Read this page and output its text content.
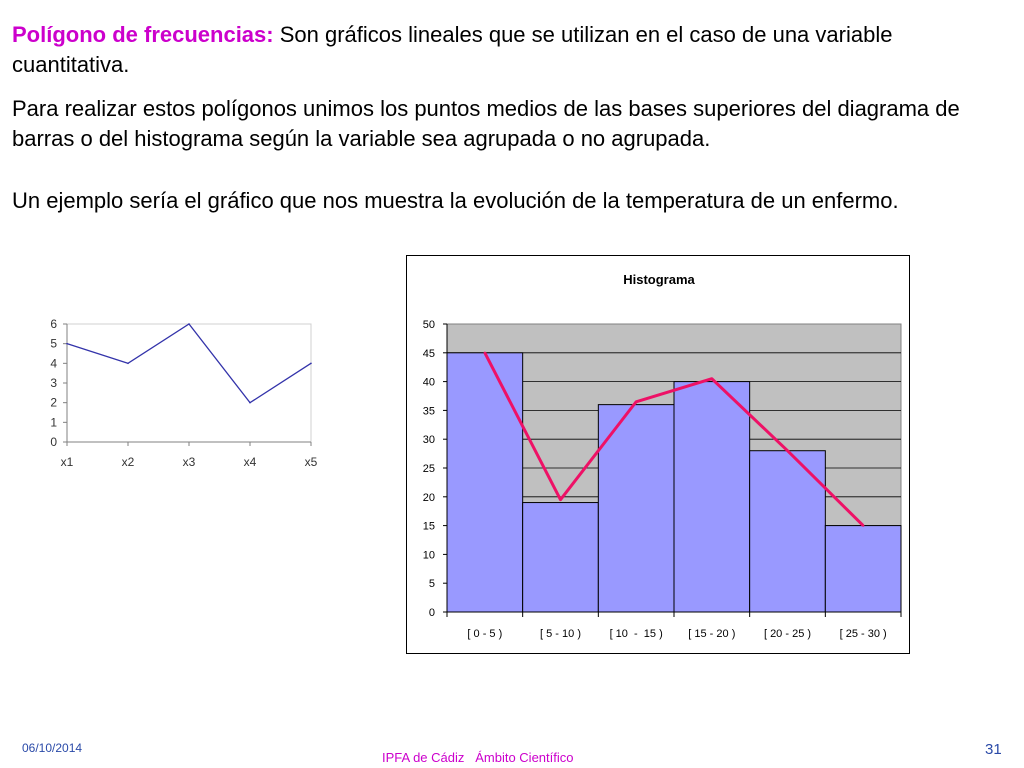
Polígono de frecuencias: Son gráficos lineales que se utilizan en el caso de una variable cuantitativa.

Para realizar estos polígonos unimos los puntos medios de las bases superiores del diagrama de barras o del histograma según la variable sea agrupada o no agrupada.

Un ejemplo sería el gráfico que nos muestra la evolución de la temperatura de un enfermo.

0
1
2
3
4
5
6
x1	x2	x3	x4	x5
Histograma
0
5
10
15
20
25
30
35
40
45
50
[ 0 - 5 )	[ 5 - 10 )	[ 10  -  15 ) [ 15 - 20 )	[ 20 - 25 )	[ 25 - 30 )
06/10/2014
IPFA de Cádiz   Ámbito Científico	31
